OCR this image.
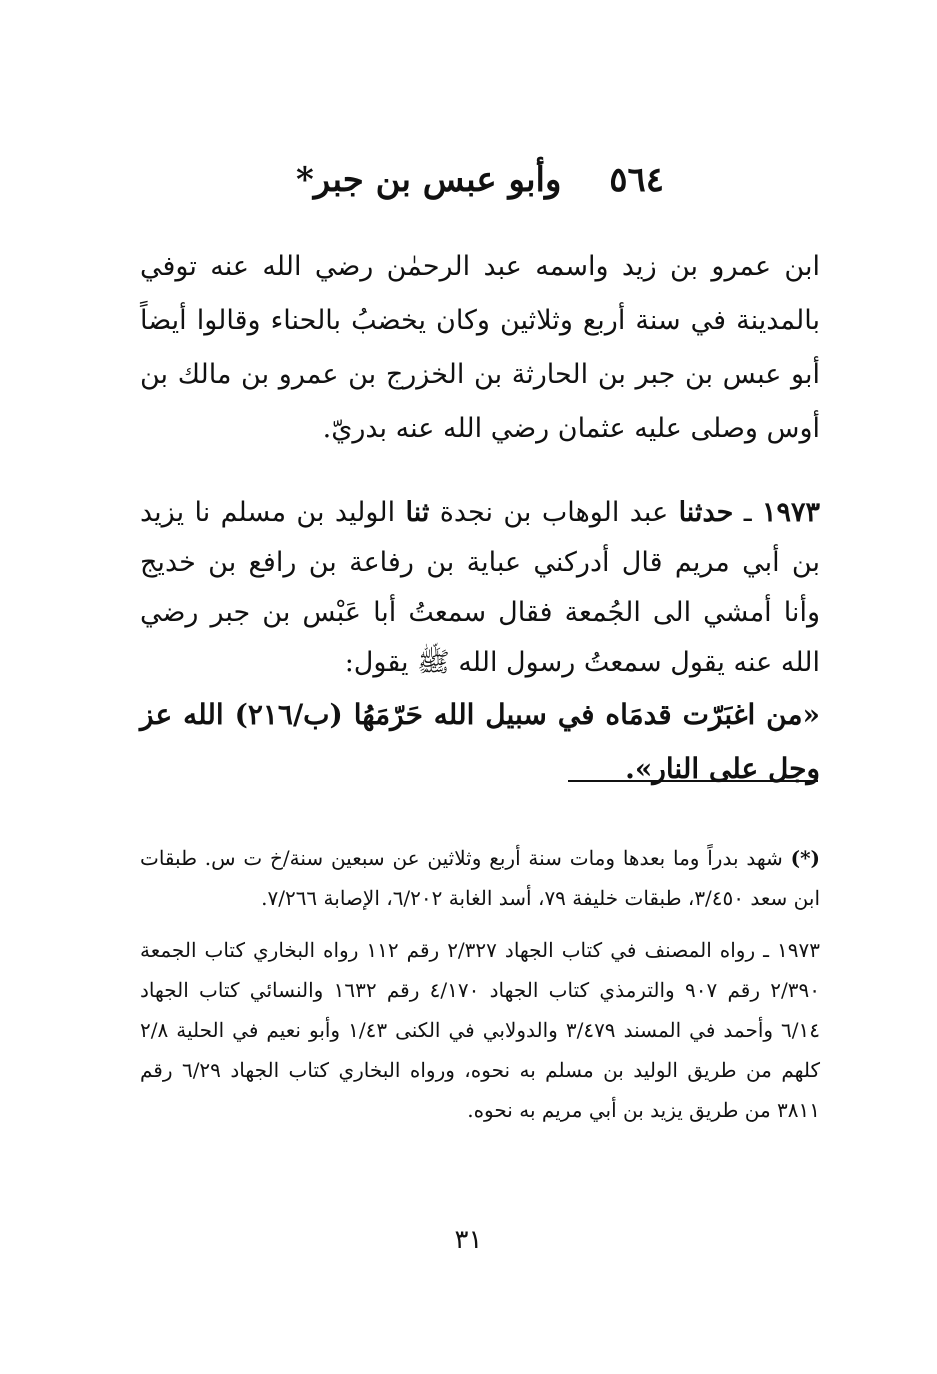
٥٦٤ وأبو عبس بن جبر*

ابن عمرو بن زيد واسمه عبد الرحمٰن رضي الله عنه توفي بالمدينة في سنة أربع وثلاثين وكان يخضبُ بالحناء وقالوا أيضاً أبو عبس بن جبر بن الحارثة بن الخزرج بن عمرو بن مالك بن أوس وصلى عليه عثمان رضي الله عنه بدريّ.

١٩٧٣ ـ حدثنا عبد الوهاب بن نجدة ثنا الوليد بن مسلم نا يزيد بن أبي مريم قال أدركني عباية بن رفاعة بن رافع بن خديج وأنا أمشي الى الجُمعة فقال سمعتُ أبا عَبْس بن جبر رضي الله عنه يقول سمعتُ رسول الله ﷺ يقول:

«من اغبَرّت قدمَاه في سبيل الله حَرّمَهُا (ب/٢١٦) الله عز وجل على النار».

(*) شهد بدراً وما بعدها ومات سنة أربع وثلاثين عن سبعين سنة/خ ت س. طبقات ابن سعد ٣/٤٥٠، طبقات خليفة ٧٩، أسد الغابة ٦/٢٠٢، الإصابة ٧/٢٦٦.

١٩٧٣ ـ رواه المصنف في كتاب الجهاد ٢/٣٢٧ رقم ١١٢ رواه البخاري كتاب الجمعة ٢/٣٩٠ رقم ٩٠٧ والترمذي كتاب الجهاد ٤/١٧٠ رقم ١٦٣٢ والنسائي كتاب الجهاد ٦/١٤ وأحمد في المسند ٣/٤٧٩ والدولابي في الكنى ١/٤٣ وأبو نعيم في الحلية ٢/٨ كلهم من طريق الوليد بن مسلم به نحوه، ورواه البخاري كتاب الجهاد ٦/٢٩ رقم ٣٨١١ من طريق يزيد بن أبي مريم به نحوه.

٣١
